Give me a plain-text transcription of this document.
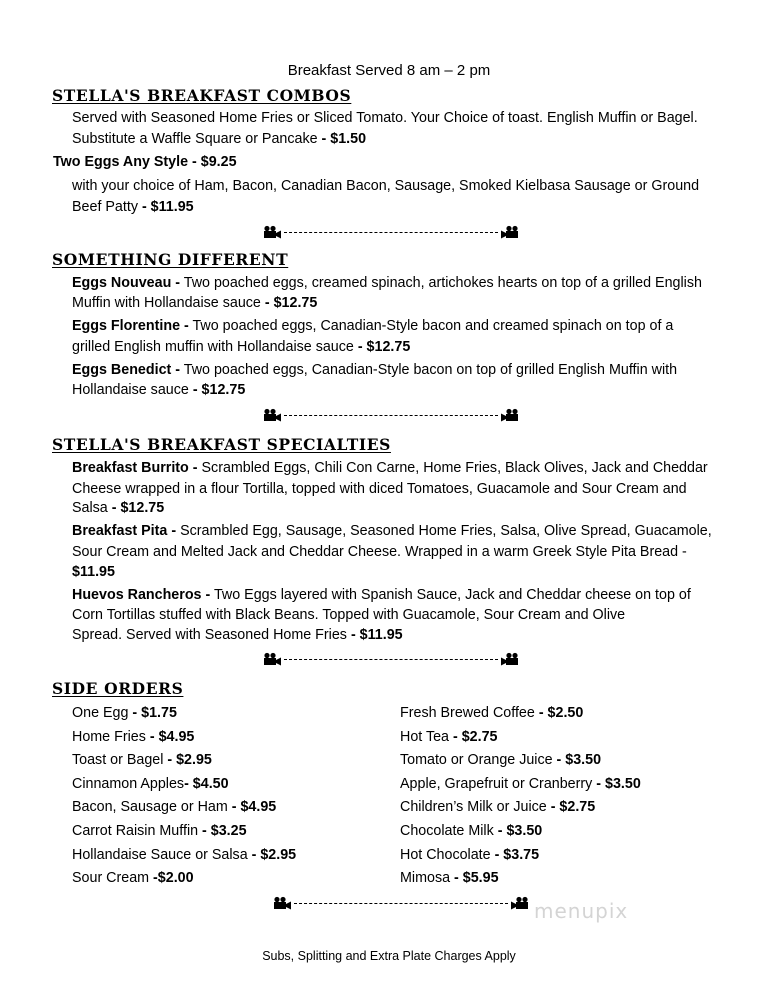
Breakfast Served 8 am – 2 pm
STELLA'S BREAKFAST COMBOS
Served with Seasoned Home Fries or Sliced Tomato. Your Choice of toast. English Muffin or Bagel.
Substitute a Waffle Square or Pancake - $1.50
Two Eggs Any Style - $9.25
with your choice of Ham, Bacon, Canadian Bacon, Sausage, Smoked Kielbasa Sausage or Ground
Beef Patty - $11.95
SOMETHING DIFFERENT
Eggs Nouveau - Two poached eggs, creamed spinach, artichokes hearts on top of a grilled English
Muffin with Hollandaise sauce - $12.75
Eggs Florentine - Two poached eggs, Canadian-Style bacon and creamed spinach on top of a
grilled English muffin with Hollandaise sauce - $12.75
Eggs Benedict - Two poached eggs, Canadian-Style bacon on top of grilled English Muffin with
Hollandaise sauce - $12.75
STELLA'S BREAKFAST SPECIALTIES
Breakfast Burrito - Scrambled Eggs, Chili Con Carne, Home Fries, Black Olives, Jack and Cheddar
Cheese wrapped in a flour Tortilla, topped with diced Tomatoes, Guacamole and Sour Cream and
Salsa - $12.75
Breakfast Pita - Scrambled Egg, Sausage, Seasoned Home Fries, Salsa, Olive Spread, Guacamole,
Sour Cream and Melted Jack and Cheddar Cheese. Wrapped in a warm Greek Style Pita Bread -
$11.95
Huevos Rancheros - Two Eggs layered with Spanish Sauce, Jack and Cheddar cheese on top of
Corn Tortillas stuffed with Black Beans. Topped with Guacamole, Sour Cream and Olive
Spread. Served with Seasoned Home Fries - $11.95
SIDE ORDERS
One Egg - $1.75
Home Fries - $4.95
Toast or Bagel - $2.95
Cinnamon Apples- $4.50
Bacon, Sausage or Ham - $4.95
Carrot Raisin Muffin - $3.25
Hollandaise Sauce or Salsa - $2.95
Sour Cream -$2.00
Fresh Brewed Coffee - $2.50
Hot Tea - $2.75
Tomato or Orange Juice - $3.50
Apple, Grapefruit or Cranberry - $3.50
Children’s Milk or Juice - $2.75
Chocolate Milk - $3.50
Hot Chocolate - $3.75
Mimosa - $5.95
menupix
Subs, Splitting and Extra Plate Charges Apply
